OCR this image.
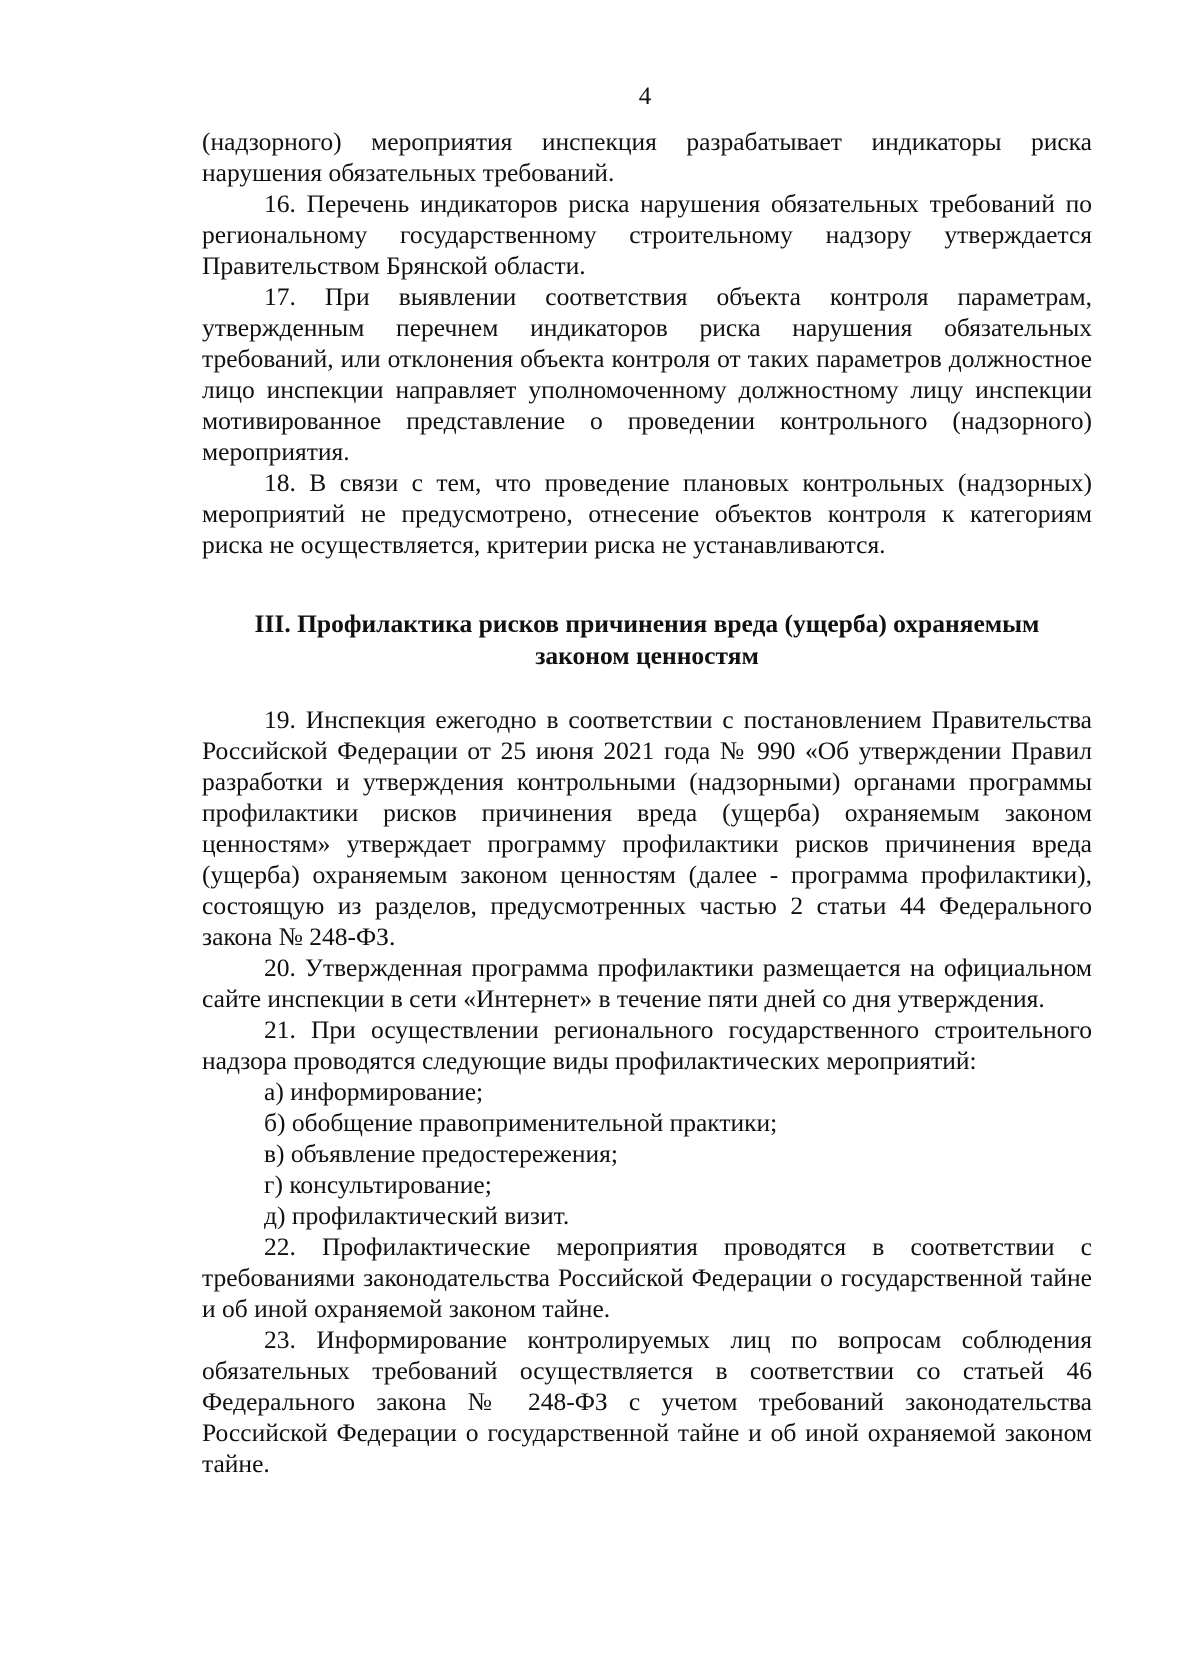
4

(надзорного) мероприятия инспекция разрабатывает индикаторы риска нарушения обязательных требований.

16. Перечень индикаторов риска нарушения обязательных требований по региональному государственному строительному надзору утверждается Правительством Брянской области.

17. При выявлении соответствия объекта контроля параметрам, утвержденным перечнем индикаторов риска нарушения обязательных требований, или отклонения объекта контроля от таких параметров должностное лицо инспекции направляет уполномоченному должностному лицу инспекции мотивированное представление о проведении контрольного (надзорного) мероприятия.

18. В связи с тем, что проведение плановых контрольных (надзорных) мероприятий не предусмотрено, отнесение объектов контроля к категориям риска не осуществляется, критерии риска не устанавливаются.

III. Профилактика рисков причинения вреда (ущерба) охраняемым
законом ценностям

19. Инспекция ежегодно в соответствии с постановлением Правительства Российской Федерации от 25 июня 2021 года № 990 «Об утверждении Правил разработки и утверждения контрольными (надзорными) органами программы профилактики рисков причинения вреда (ущерба) охраняемым законом ценностям» утверждает программу профилактики рисков причинения вреда (ущерба) охраняемым законом ценностям (далее - программа профилактики), состоящую из разделов, предусмотренных частью 2 статьи 44 Федерального закона № 248-ФЗ.

20. Утвержденная программа профилактики размещается на официальном сайте инспекции в сети «Интернет» в течение пяти дней со дня утверждения.

21. При осуществлении регионального государственного строительного надзора проводятся следующие виды профилактических мероприятий:

а) информирование;

б) обобщение правоприменительной практики;

в) объявление предостережения;

г) консультирование;

д) профилактический визит.

22. Профилактические мероприятия проводятся в соответствии с требованиями законодательства Российской Федерации о государственной тайне и об иной охраняемой законом тайне.

23. Информирование контролируемых лиц по вопросам соблюдения обязательных требований осуществляется в соответствии со статьей 46 Федерального закона № 248-ФЗ с учетом требований законодательства Российской Федерации о государственной тайне и об иной охраняемой законом тайне.
